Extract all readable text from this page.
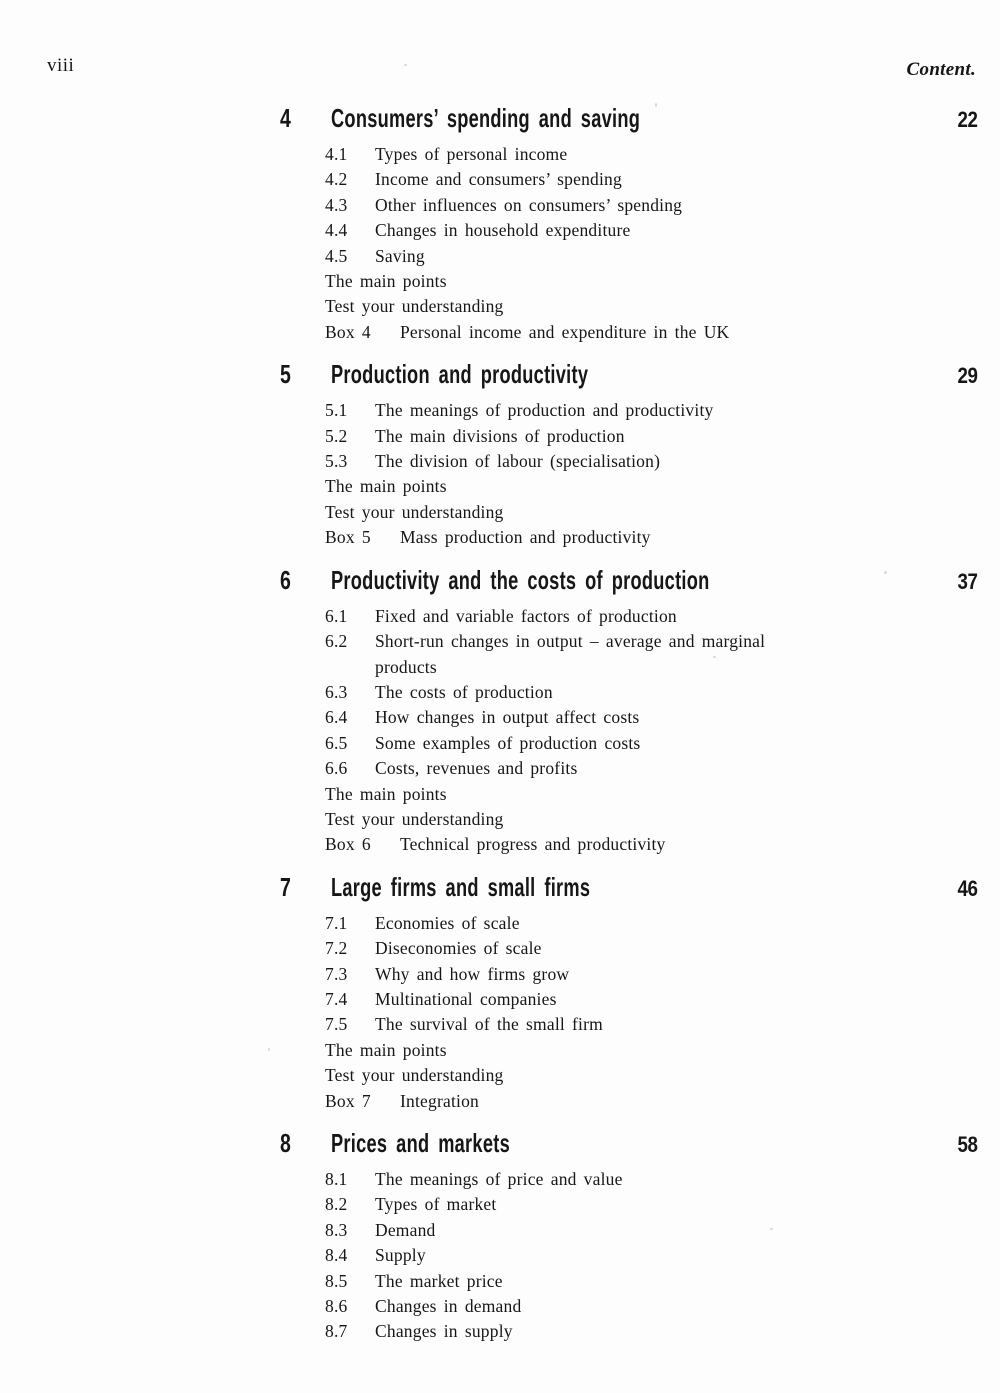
viii	Content.
4	Consumers’ spending and saving	22
4.1	Types of personal income
4.2	Income and consumers’ spending
4.3	Other influences on consumers’ spending
4.4	Changes in household expenditure
4.5	Saving
The main points
Test your understanding
Box 4	Personal income and expenditure in the UK
5	Production and productivity	29
5.1	The meanings of production and productivity
5.2	The main divisions of production
5.3	The division of labour (specialisation)
The main points
Test your understanding
Box 5	Mass production and productivity
6	Productivity and the costs of production	37
6.1	Fixed and variable factors of production
6.2	Short-run changes in output – average and marginal
products
6.3	The costs of production
6.4	How changes in output affect costs
6.5	Some examples of production costs
6.6	Costs, revenues and profits
The main points
Test your understanding
Box 6	Technical progress and productivity
7	Large firms and small firms	46
7.1	Economies of scale
7.2	Diseconomies of scale
7.3	Why and how firms grow
7.4	Multinational companies
7.5	The survival of the small firm
The main points
Test your understanding
Box 7	Integration
8	Prices and markets	58
8.1	The meanings of price and value
8.2	Types of market
8.3	Demand
8.4	Supply
8.5	The market price
8.6	Changes in demand
8.7	Changes in supply
